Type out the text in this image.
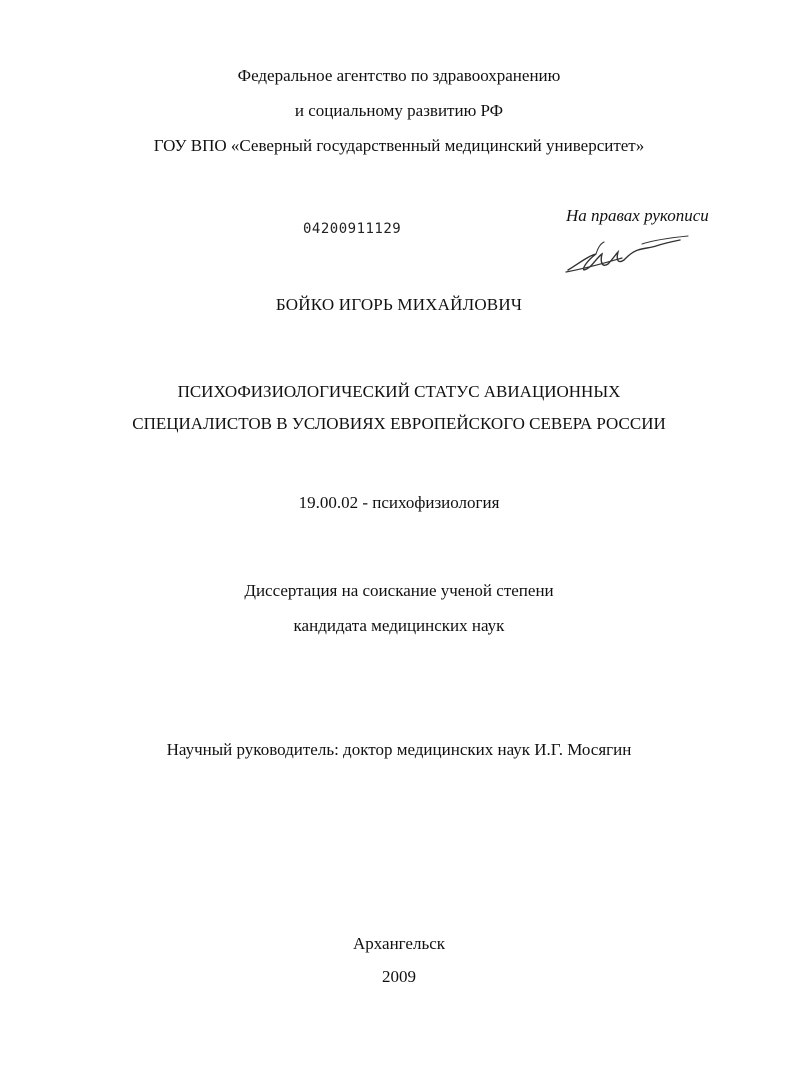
Федеральное агентство по здравоохранению
и социальному развитию РФ
ГОУ ВПО «Северный государственный медицинский университет»
04200911129
На правах рукописи
БОЙКО ИГОРЬ МИХАЙЛОВИЧ
ПСИХОФИЗИОЛОГИЧЕСКИЙ СТАТУС АВИАЦИОННЫХ
СПЕЦИАЛИСТОВ В УСЛОВИЯХ ЕВРОПЕЙСКОГО СЕВЕРА РОССИИ
19.00.02 - психофизиология
Диссертация на соискание ученой степени
кандидата медицинских наук
Научный руководитель: доктор медицинских наук И.Г. Мосягин
Архангельск
2009
